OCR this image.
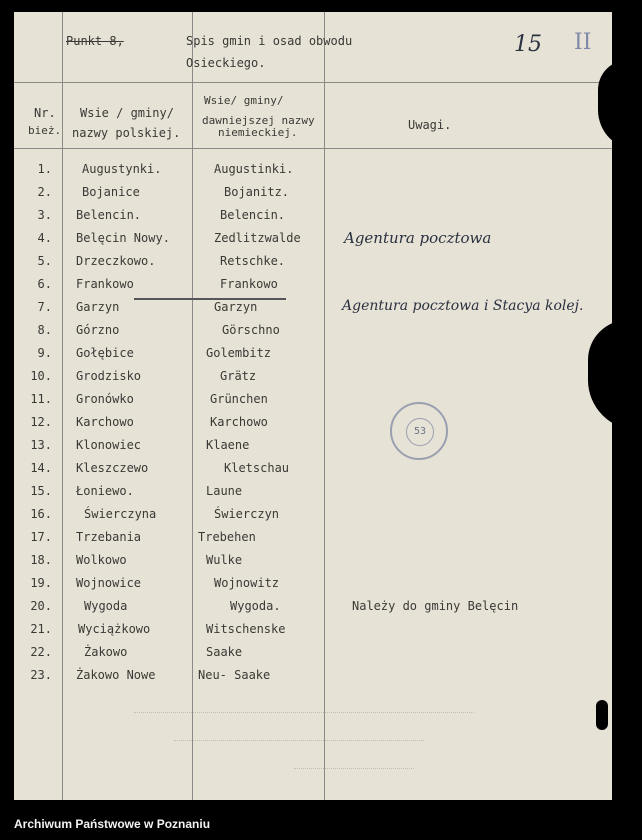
Punkt 8,	Spis gmin i osad obwodu
Osieckiego.
15 II
Nr.
bież.
Wsie / gminy/
nazwy polskiej.
Wsie/ gminy/
dawniejszej nazwy
niemieckiej.
Uwagi.
1.	Augustynki.	Augustinki.
2.	Bojanice	Bojanitz.
3. Belencin.	Belencin.
4. Belęcin Nowy.	Zedlitzwalde	Agentura pocztowa
5. Drzeczkowo.	Retschke.
6. Frankowo	Frankowo
7. Garzyn	Garzyn	Agentura pocztowa i Stacya kolej.
8. Górzno	Görschno
9. Gołębice	Golembitz
10. Grodzisko	Grätz
11. Gronówko	Grünchen
12. Karchowo	Karchowo
13. Klonowiec	Klaene
14. Kleszczewo	Kletschau
15. Łoniewo.	Laune
16.	Świerczyna	Świerczyn
17. Trzebania	Trebehen
18. Wolkowo	Wulke
19. Wojnowice	Wojnowitz
20.	Wygoda	Wygoda.	Należy do gminy Belęcin
21. Wyciążkowo	Witschenske
22.	Żakowo	Saake
23. Żakowo Nowe	Neu- Saake
53
Archiwum Państwowe w Poznaniu
